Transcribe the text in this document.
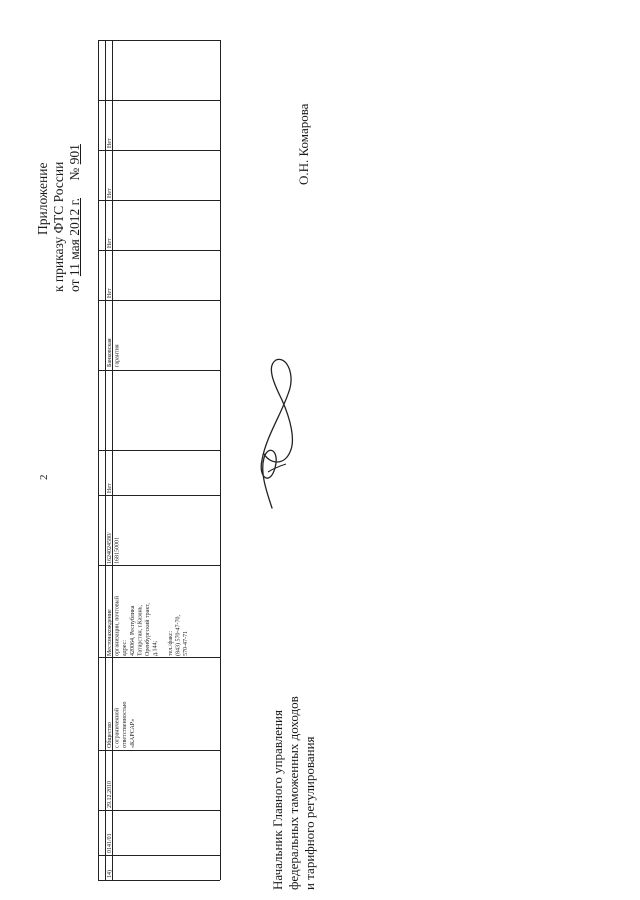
2
14)
0141/01
29.12.2010
Общество
с ограниченной
ответственностью
«КАРСАР»
Местонахождение
организации, почтовый
адрес:
420064, Республика
Татарстан, г.Казань,
Оренбургский тракт,
д.144;

тел./факс:
(843) 570-47-70,
570-47-71
1624024580/
168150001
Нет
Банковская
гарантия
Нет
Нет
Нет
Нет
Приложение к приказу ФТС России от 11 мая 2012 г. № 901	О.Н. Комарова
Начальник Главного управления федеральных таможенных доходов и тарифного регулирования
